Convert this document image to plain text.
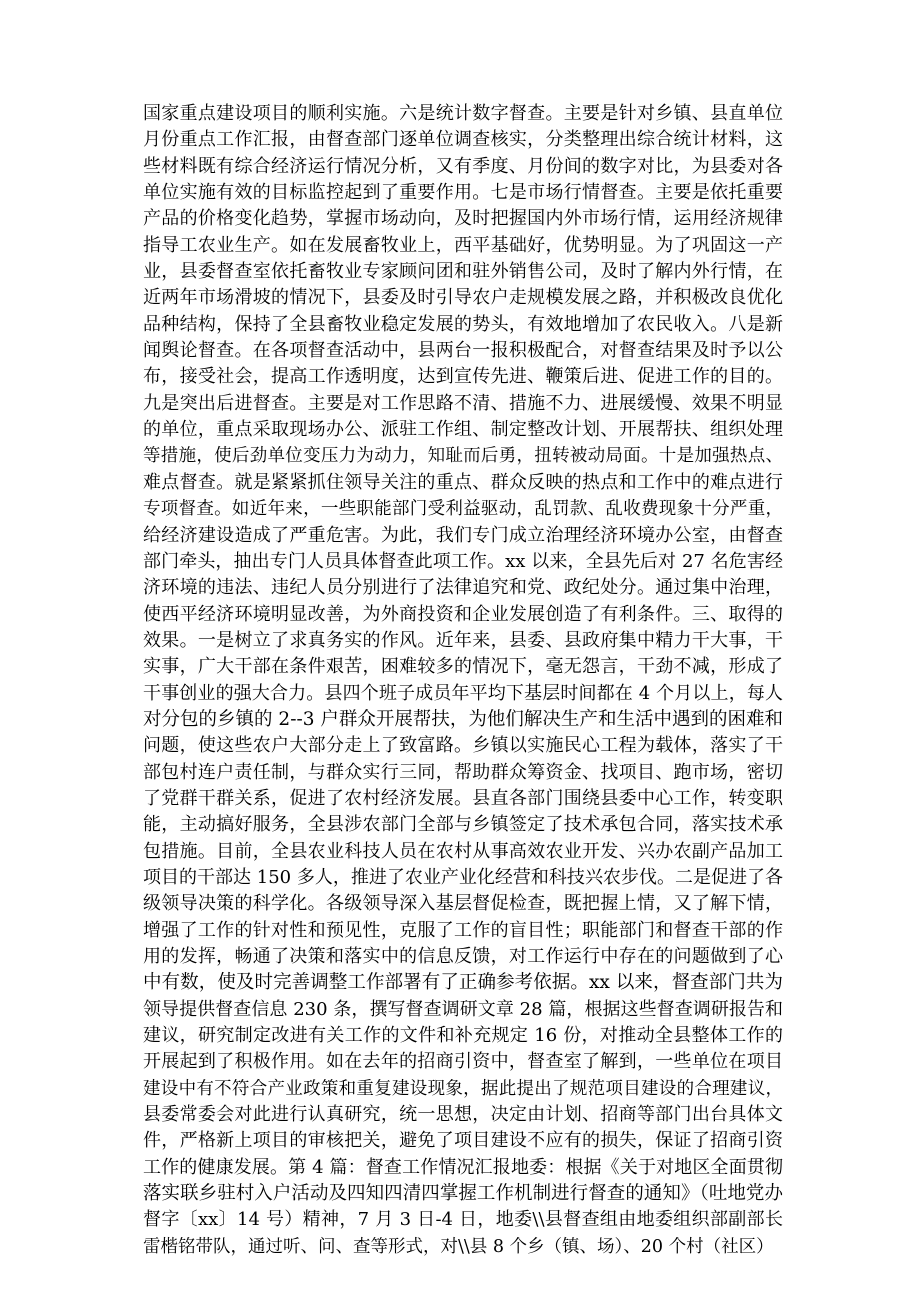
国家重点建设项目的顺利实施。六是统计数字督查。主要是针对乡镇、县直单位
月份重点工作汇报，由督查部门逐单位调查核实，分类整理出综合统计材料，这
些材料既有综合经济运行情况分析，又有季度、月份间的数字对比，为县委对各
单位实施有效的目标监控起到了重要作用。七是市场行情督查。主要是依托重要
产品的价格变化趋势，掌握市场动向，及时把握国内外市场行情，运用经济规律
指导工农业生产。如在发展畜牧业上，西平基础好，优势明显。为了巩固这一产
业，县委督查室依托畜牧业专家顾问团和驻外销售公司，及时了解内外行情，在
近两年市场滑坡的情况下，县委及时引导农户走规模发展之路，并积极改良优化
品种结构，保持了全县畜牧业稳定发展的势头，有效地增加了农民收入。八是新
闻舆论督查。在各项督查活动中，县两台一报积极配合，对督查结果及时予以公
布，接受社会，提高工作透明度，达到宣传先进、鞭策后进、促进工作的目的。
九是突出后进督查。主要是对工作思路不清、措施不力、进展缓慢、效果不明显
的单位，重点采取现场办公、派驻工作组、制定整改计划、开展帮扶、组织处理
等措施，使后劲单位变压力为动力，知耻而后勇，扭转被动局面。十是加强热点、
难点督查。就是紧紧抓住领导关注的重点、群众反映的热点和工作中的难点进行
专项督查。如近年来，一些职能部门受利益驱动，乱罚款、乱收费现象十分严重，
给经济建设造成了严重危害。为此，我们专门成立治理经济环境办公室，由督查
部门牵头，抽出专门人员具体督查此项工作。xx 以来，全县先后对 27 名危害经
济环境的违法、违纪人员分别进行了法律追究和党、政纪处分。通过集中治理，
使西平经济环境明显改善，为外商投资和企业发展创造了有利条件。三、取得的
效果。一是树立了求真务实的作风。近年来，县委、县政府集中精力干大事，干
实事，广大干部在条件艰苦，困难较多的情况下，毫无怨言，干劲不减，形成了
干事创业的强大合力。县四个班子成员年平均下基层时间都在 4 个月以上，每人
对分包的乡镇的 2--3 户群众开展帮扶，为他们解决生产和生活中遇到的困难和
问题，使这些农户大部分走上了致富路。乡镇以实施民心工程为载体，落实了干
部包村连户责任制，与群众实行三同，帮助群众筹资金、找项目、跑市场，密切
了党群干群关系，促进了农村经济发展。县直各部门围绕县委中心工作，转变职
能，主动搞好服务，全县涉农部门全部与乡镇签定了技术承包合同，落实技术承
包措施。目前，全县农业科技人员在农村从事高效农业开发、兴办农副产品加工
项目的干部达 150 多人，推进了农业产业化经营和科技兴农步伐。二是促进了各
级领导决策的科学化。各级领导深入基层督促检查，既把握上情，又了解下情，
增强了工作的针对性和预见性，克服了工作的盲目性；职能部门和督查干部的作
用的发挥，畅通了决策和落实中的信息反馈，对工作运行中存在的问题做到了心
中有数，使及时完善调整工作部署有了正确参考依据。xx 以来，督查部门共为
领导提供督查信息 230 条，撰写督查调研文章 28 篇，根据这些督查调研报告和
建议，研究制定改进有关工作的文件和补充规定 16 份，对推动全县整体工作的
开展起到了积极作用。如在去年的招商引资中，督查室了解到，一些单位在项目
建设中有不符合产业政策和重复建设现象，据此提出了规范项目建设的合理建议，
县委常委会对此进行认真研究，统一思想，决定由计划、招商等部门出台具体文
件，严格新上项目的审核把关，避免了项目建设不应有的损失，保证了招商引资
工作的健康发展。第 4 篇：督查工作情况汇报地委：根据《关于对地区全面贯彻
落实联乡驻村入户活动及四知四清四掌握工作机制进行督查的通知》（吐地党办
督字〔xx〕14 号）精神，7 月 3 日-4 日，地委\\县督查组由地委组织部副部长
雷楷铭带队，通过听、问、查等形式，对\\县 8 个乡（镇、场）、20 个村（社区）
